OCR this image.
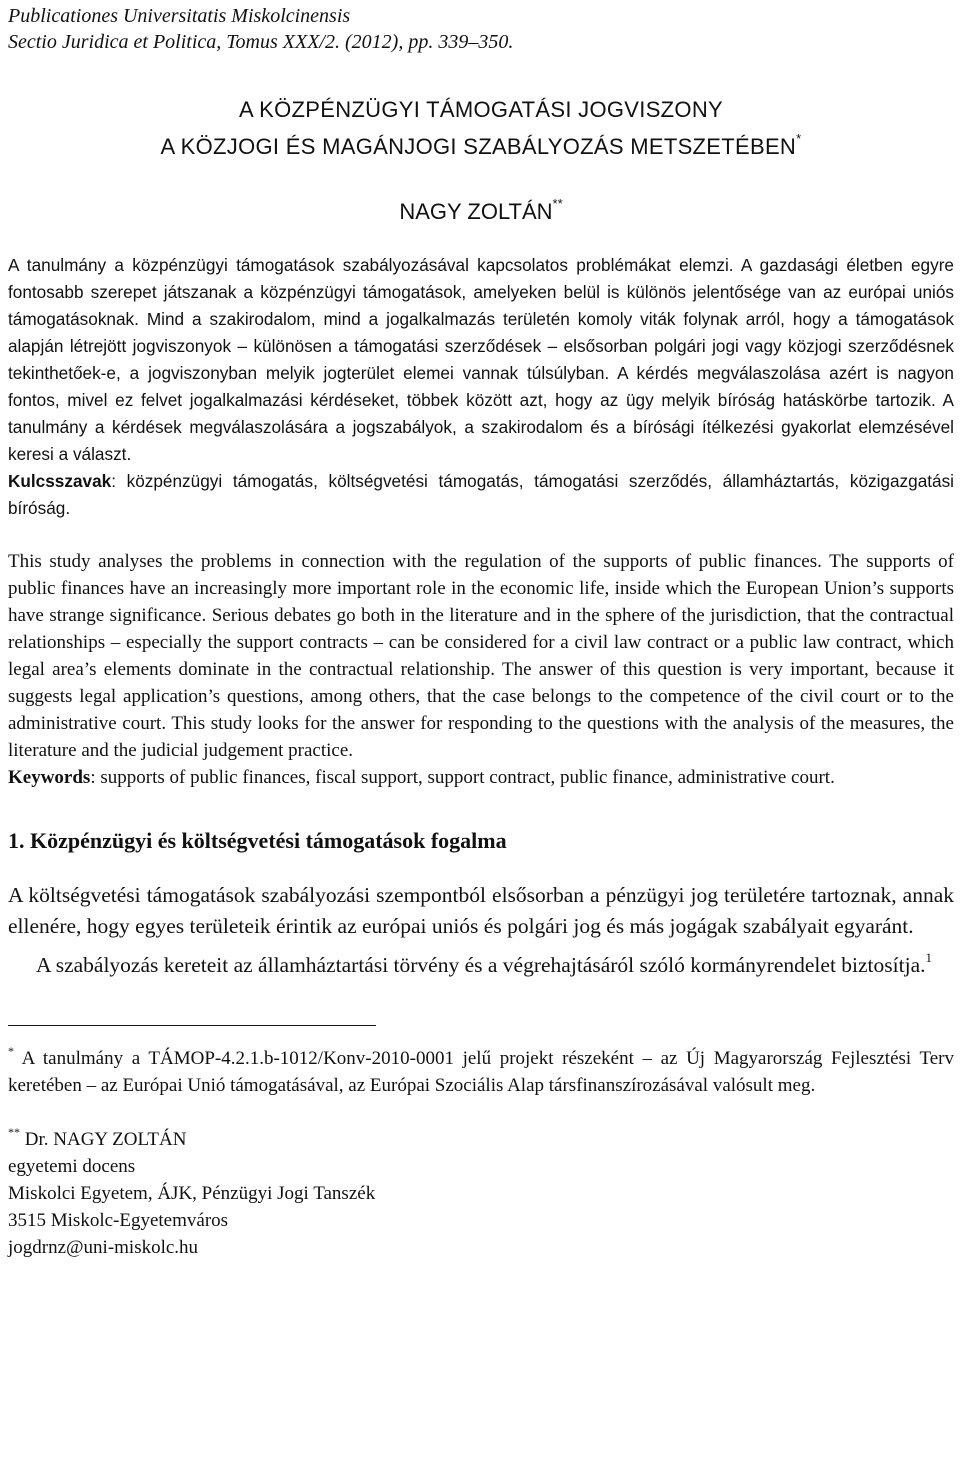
Publicationes Universitatis Miskolcinensis
Sectio Juridica et Politica, Tomus XXX/2. (2012), pp. 339–350.
A KÖZPÉNZÜGYI TÁMOGATÁSI JOGVISZONY
A KÖZJOGI ÉS MAGÁNJOGI SZABÁLYOZÁS METSZETÉBEN*
NAGY ZOLTÁN**
A tanulmány a közpénzügyi támogatások szabályozásával kapcsolatos problémákat elemzi. A gazdasági életben egyre fontosabb szerepet játszanak a közpénzügyi támogatások, amelyeken belül is különös jelentősége van az európai uniós támogatásoknak. Mind a szakirodalom, mind a jogalkalmazás területén komoly viták folynak arról, hogy a támogatások alapján létrejött jogviszonyok – különösen a támogatási szerződések – elsősorban polgári jogi vagy közjogi szerződésnek tekinthetőek-e, a jogviszonyban melyik jogterület elemei vannak túlsúlyban. A kérdés megválaszolása azért is nagyon fontos, mivel ez felvet jogalkalmazási kérdéseket, többek között azt, hogy az ügy melyik bíróság hatáskörbe tartozik. A tanulmány a kérdések megválaszolására a jogszabályok, a szakirodalom és a bírósági ítélkezési gyakorlat elemzésével keresi a választ.
Kulcsszavak: közpénzügyi támogatás, költségvetési támogatás, támogatási szerződés, államháztartás, közigazgatási bíróság.
This study analyses the problems in connection with the regulation of the supports of public finances. The supports of public finances have an increasingly more important role in the economic life, inside which the European Union’s supports have strange significance. Serious debates go both in the literature and in the sphere of the jurisdiction, that the contractual relationships – especially the support contracts – can be considered for a civil law contract or a public law contract, which legal area’s elements dominate in the contractual relationship. The answer of this question is very important, because it suggests legal application’s questions, among others, that the case belongs to the competence of the civil court or to the administrative court. This study looks for the answer for responding to the questions with the analysis of the measures, the literature and the judicial judgement practice.
Keywords: supports of public finances, fiscal support, support contract, public finance, administrative court.
1. Közpénzügyi és költségvetési támogatások fogalma

A költségvetési támogatások szabályozási szempontból elsősorban a pénzügyi jog területére tartoznak, annak ellenére, hogy egyes területeik érintik az európai uniós és polgári jog és más jogágak szabályait egyaránt.

A szabályozás kereteit az államháztartási törvény és a végrehajtásáról szóló kormányrendelet biztosítja.$^1$

* A tanulmány a TÁMOP-4.2.1.b-1012/Konv-2010-0001 jelű projekt részeként – az Új Magyarország Fejlesztési Terv keretében – az Európai Unió támogatásával, az Európai Szociális Alap társfinanszírozásával valósult meg.

** Dr. NAGY ZOLTÁN

egyetemi docens

Miskolci Egyetem, ÁJK, Pénzügyi Jogi Tanszék

3515 Miskolc-Egyetemváros

jogdrnz@uni-miskolc.hu
